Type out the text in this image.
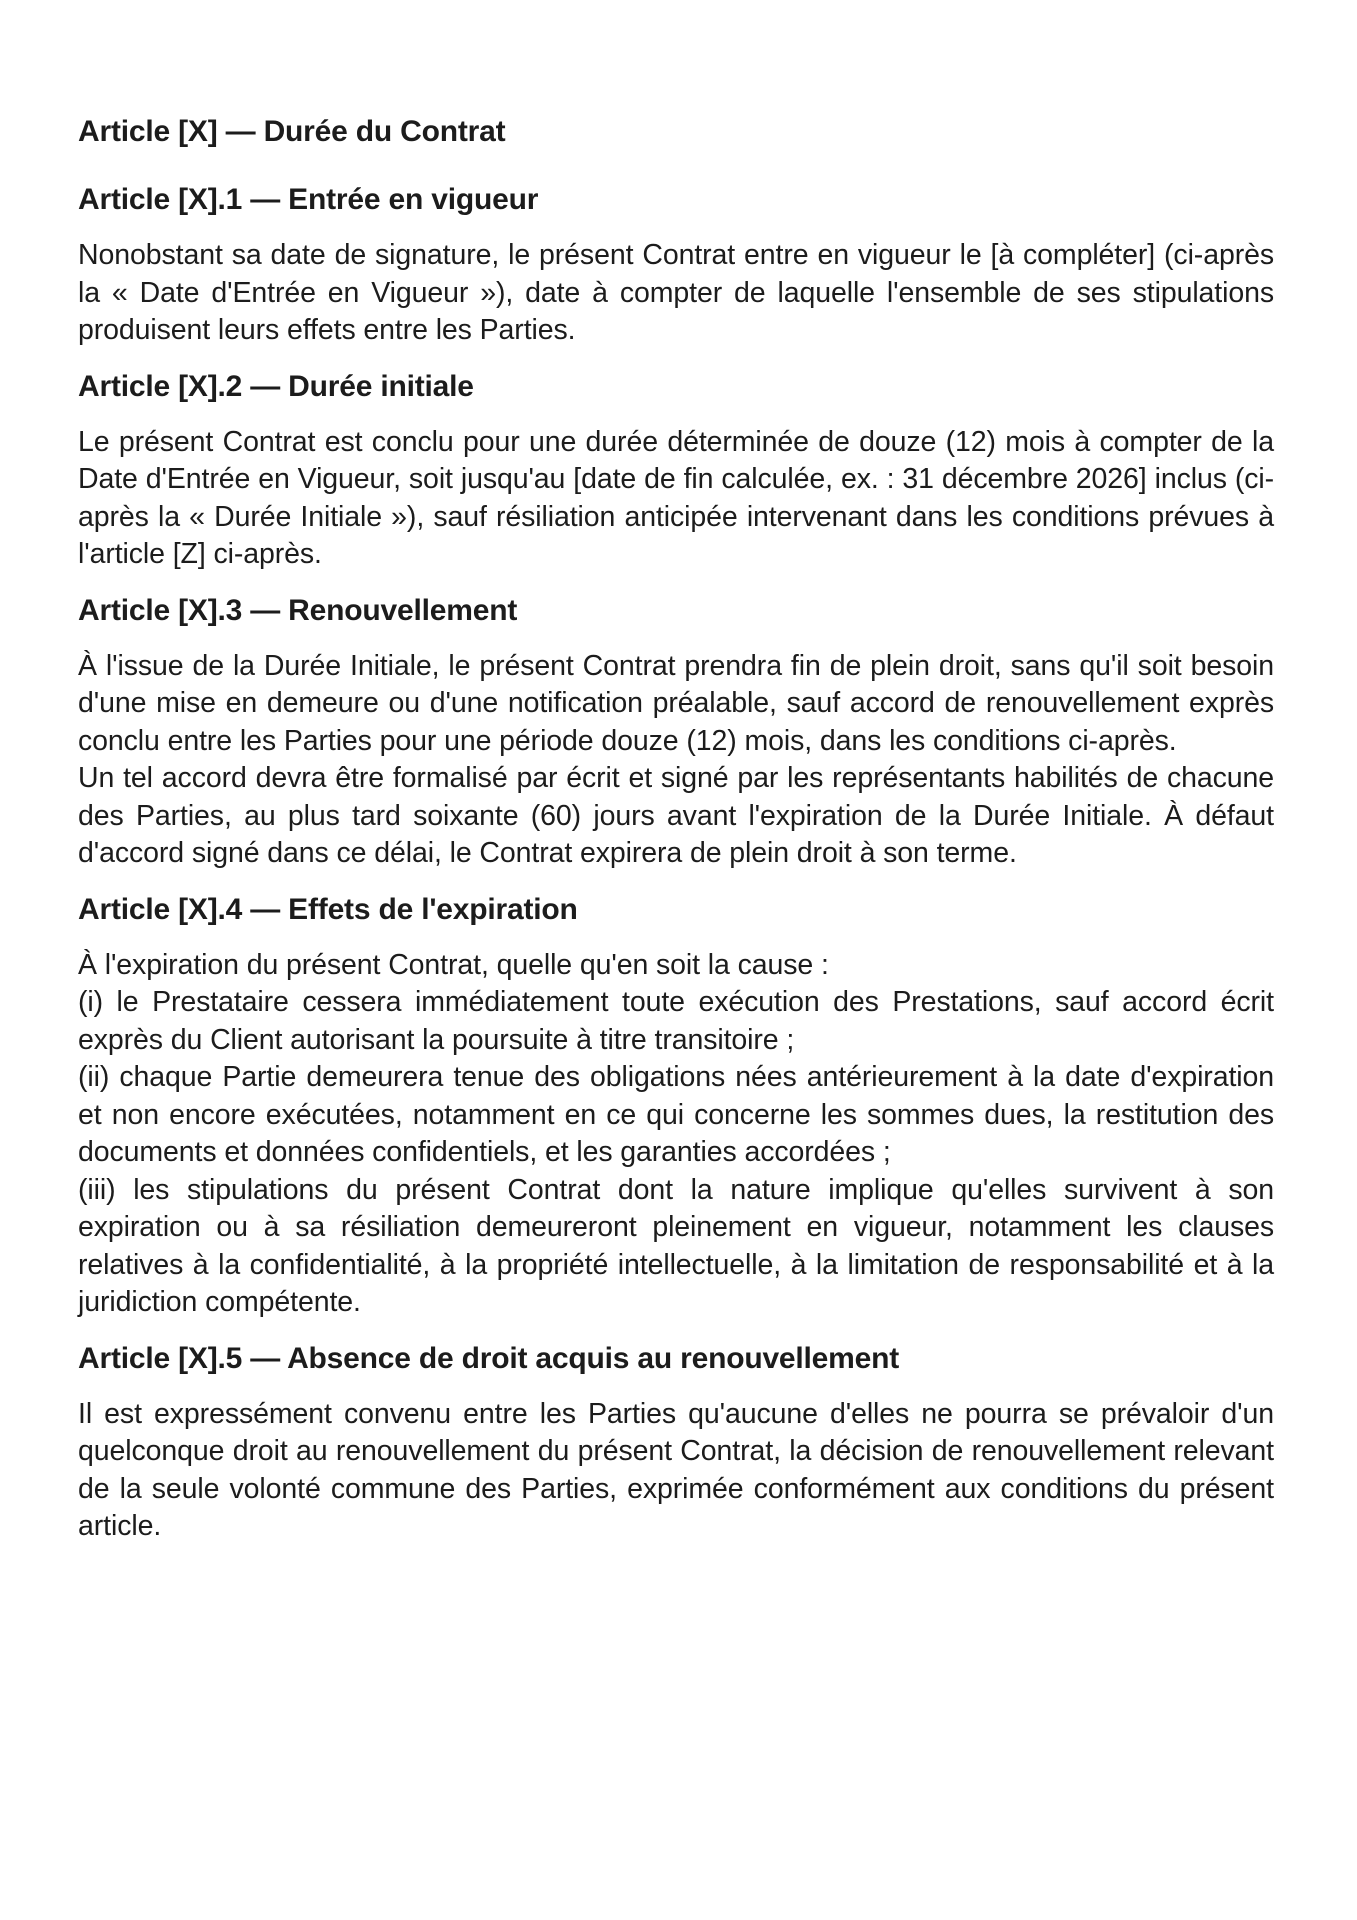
Article [X] — Durée du Contrat
Article [X].1 — Entrée en vigueur

Nonobstant sa date de signature, le présent Contrat entre en vigueur le [à compléter] (ci-après la « Date d'Entrée en Vigueur »), date à compter de laquelle l'ensemble de ses stipulations produisent leurs effets entre les Parties.

Article [X].2 — Durée initiale

Le présent Contrat est conclu pour une durée déterminée de douze (12) mois à compter de la Date d'Entrée en Vigueur, soit jusqu'au [date de fin calculée, ex. : 31 décembre 2026] inclus (ci-après la « Durée Initiale »), sauf résiliation anticipée intervenant dans les conditions prévues à l'article [Z] ci-après.

Article [X].3 — Renouvellement

À l'issue de la Durée Initiale, le présent Contrat prendra fin de plein droit, sans qu'il soit besoin d'une mise en demeure ou d'une notification préalable, sauf accord de renouvellement exprès conclu entre les Parties pour une période douze (12) mois, dans les conditions ci-après.

Un tel accord devra être formalisé par écrit et signé par les représentants habilités de chacune des Parties, au plus tard soixante (60) jours avant l'expiration de la Durée Initiale. À défaut d'accord signé dans ce délai, le Contrat expirera de plein droit à son terme.

Article [X].4 — Effets de l'expiration

À l'expiration du présent Contrat, quelle qu'en soit la cause :

(i) le Prestataire cessera immédiatement toute exécution des Prestations, sauf accord écrit exprès du Client autorisant la poursuite à titre transitoire ;

(ii) chaque Partie demeurera tenue des obligations nées antérieurement à la date d'expiration et non encore exécutées, notamment en ce qui concerne les sommes dues, la restitution des documents et données confidentiels, et les garanties accordées ;

(iii) les stipulations du présent Contrat dont la nature implique qu'elles survivent à son expiration ou à sa résiliation demeureront pleinement en vigueur, notamment les clauses relatives à la confidentialité, à la propriété intellectuelle, à la limitation de responsabilité et à la juridiction compétente.

Article [X].5 — Absence de droit acquis au renouvellement

Il est expressément convenu entre les Parties qu'aucune d'elles ne pourra se prévaloir d'un quelconque droit au renouvellement du présent Contrat, la décision de renouvellement relevant de la seule volonté commune des Parties, exprimée conformément aux conditions du présent article.
